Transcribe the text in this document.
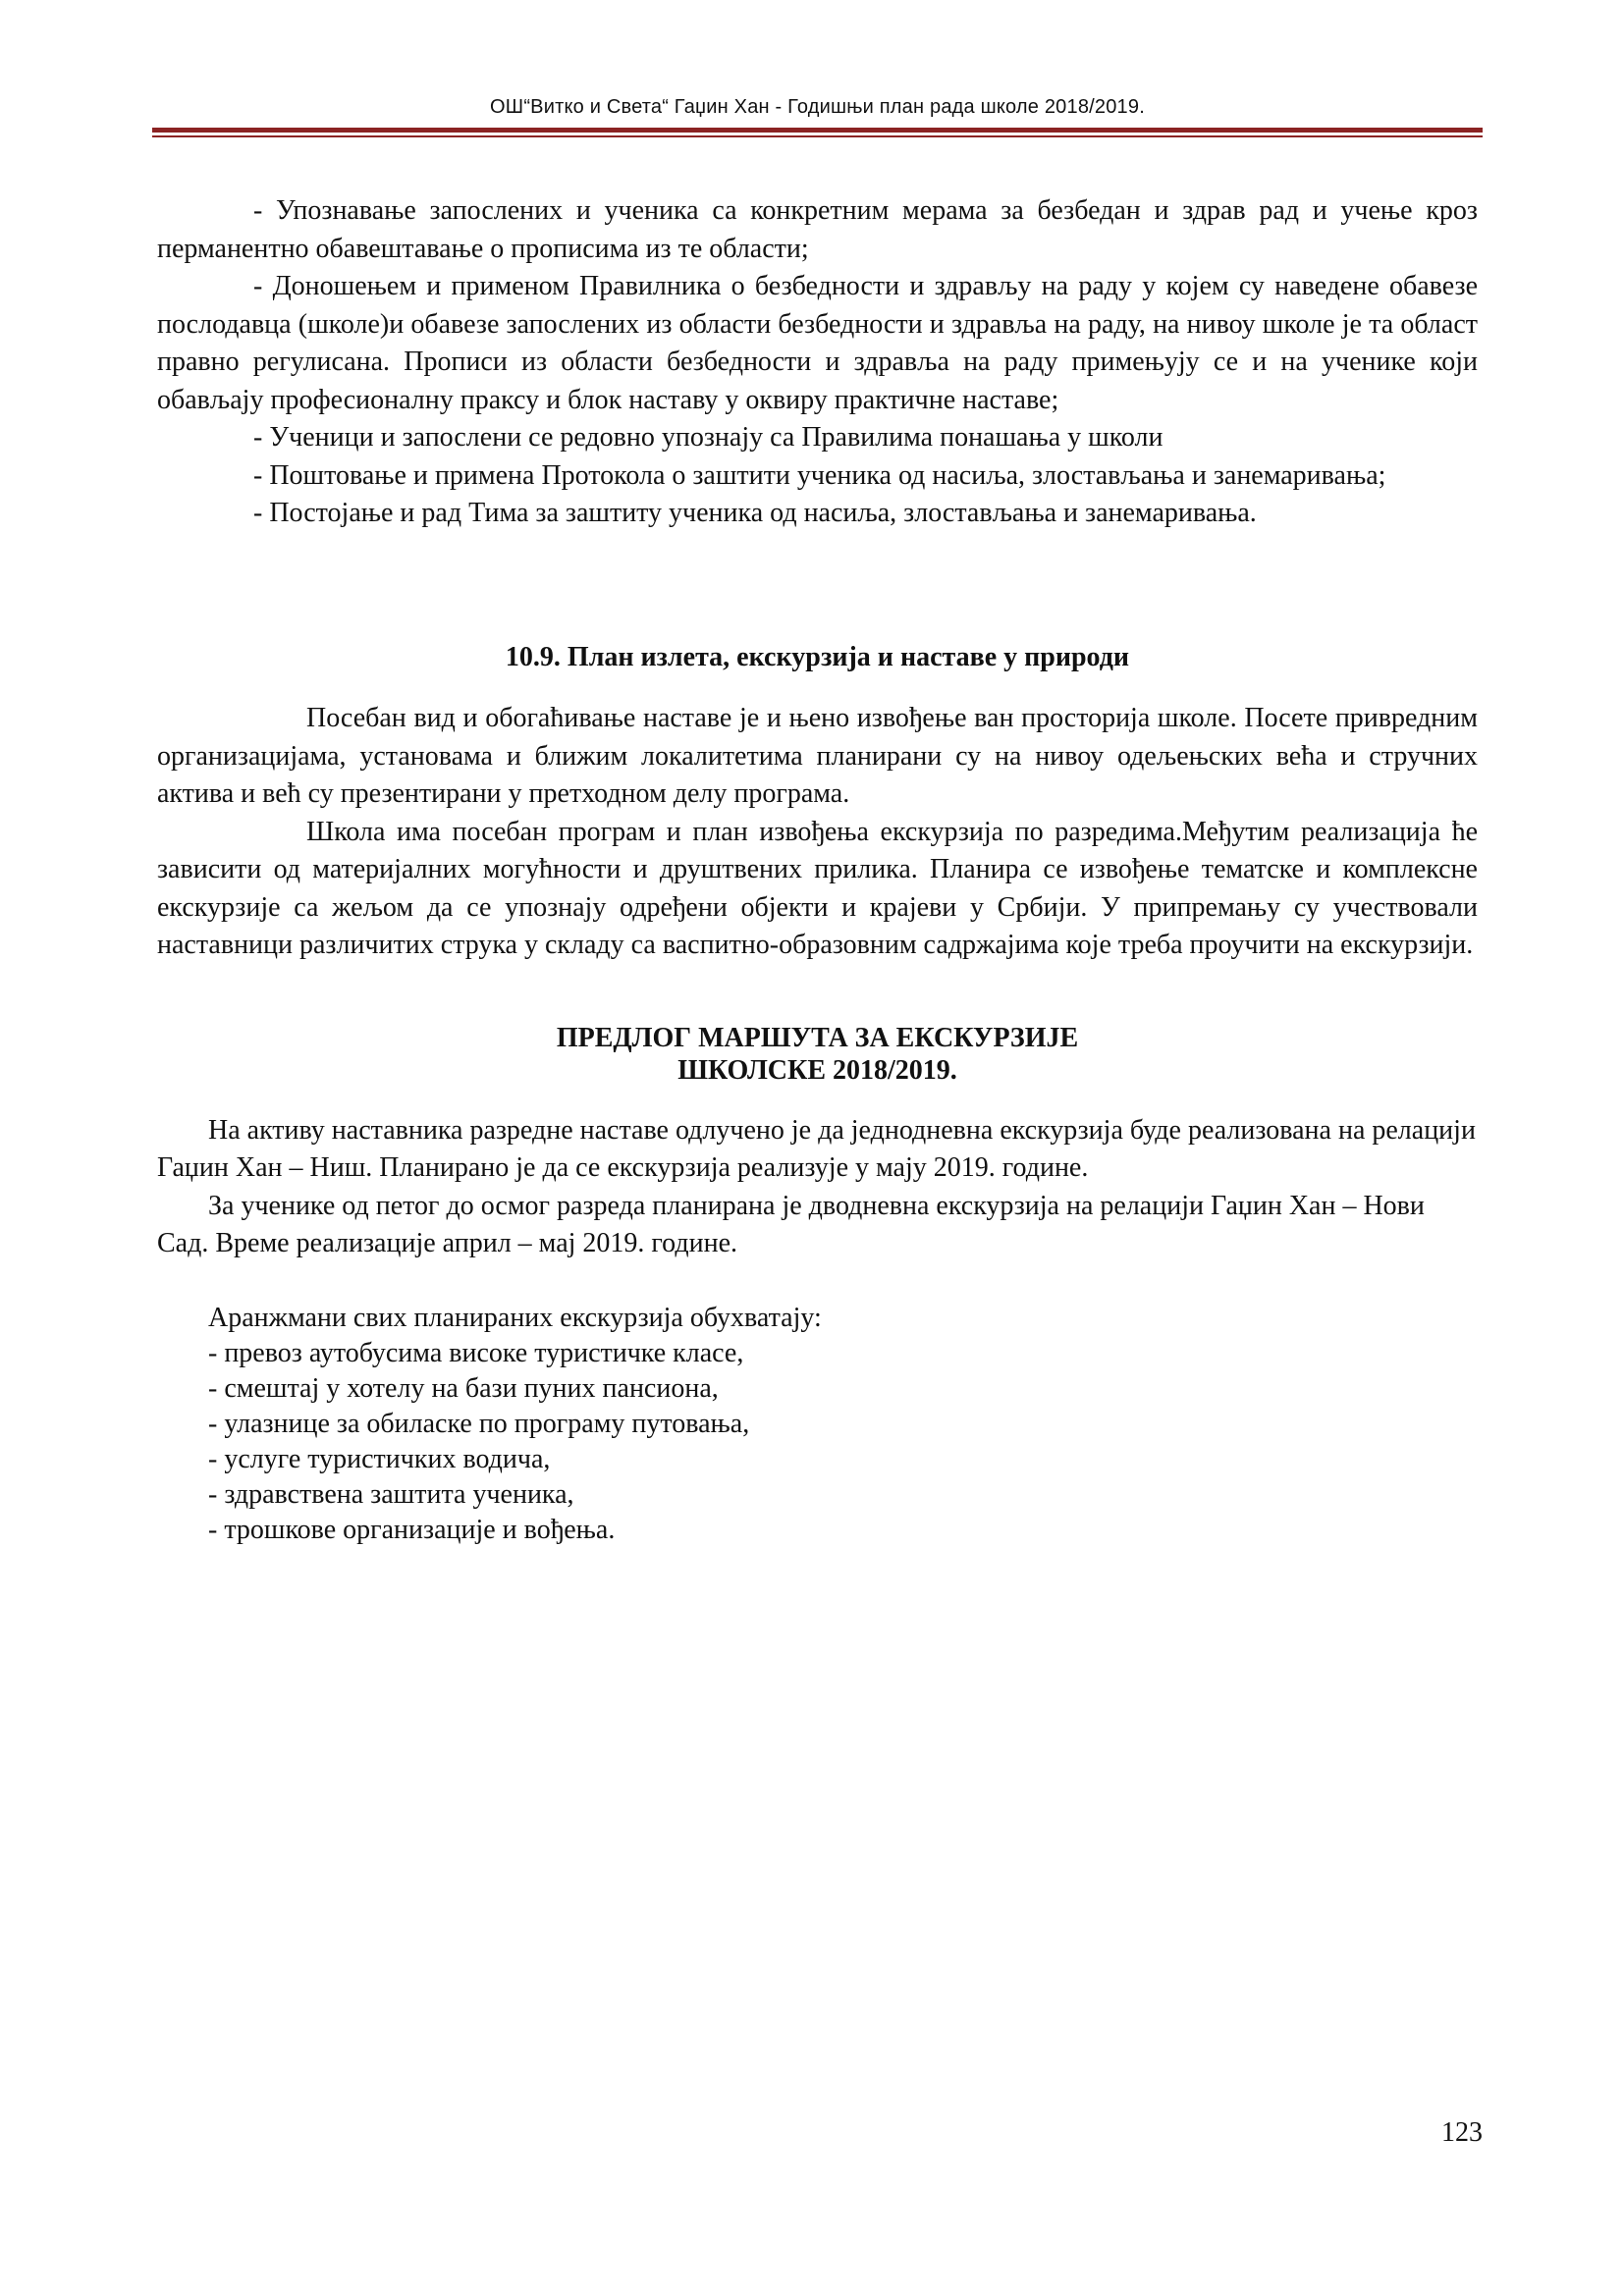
ОШ“Витко и Света“ Гаџин Хан - Годишњи план рада школе 2018/2019.

- Упознавање запослених и ученика са конкретним мерама за безбедан и здрав рад и учење кроз перманентно обавештавање о прописима из те области;

- Доношењем и применом Правилника о безбедности и здрављу на раду у којем су наведене обавезе послодавца (школе)и обавезе запослених из области безбедности и здравља на раду, на нивоу школе је та област правно регулисана. Прописи из области безбедности и здравља на раду примењују се и на ученике који обављају професионалну праксу и блок наставу у оквиру практичне наставе;

- Ученици и запослени се редовно упознају са Правилима понашања у школи

- Поштовање и примена Протокола о заштити ученика од насиља, злостављања и занемаривања;

- Постојање и рад Тима за заштиту ученика од насиља, злостављања и занемаривања.

10.9. План излета, екскурзија и наставе у природи

Посебан вид и обогаћивање наставе је и њено извођење ван просторија школе. Посете привредним организацијама, установама и ближим локалитетима планирани су на нивоу одељењских већа и стручних актива и већ су презентирани у претходном делу програма.

Школа има посебан програм и план извођења екскурзија по разредима.Међутим реализација ће зависити од материјалних могућности и друштвених прилика. Планира се извођење тематске и комплексне екскурзије са жељом да се упознају одређени објекти и крајеви у Србији. У припремању су учествовали наставници различитих струка у складу са васпитно-образовним садржајима које треба проучити на екскурзији.

ПРЕДЛОГ МАРШУТА ЗА ЕКСКУРЗИЈЕ
ШКОЛСКЕ 2018/2019.

На активу наставника разредне наставе одлучено је да једнодневна екскурзија буде реализована на релацији Гаџин Хан – Ниш. Планирано је да се екскурзија реализује у мају 2019. године.

За ученике од петог до осмог разреда планирана је дводневна екскурзија на релацији Гаџин Хан – Нови Сад. Време реализације април – мај 2019. године.

Аранжмани свих планираних екскурзија обухватају:
- превоз аутобусима високе туристичке класе,
- смештај у хотелу на бази пуних пансиона,
- улазнице за обиласке по програму путовања,
- услуге туристичких водича,
- здравствена заштита ученика,
- трошкове организације и вођења.
123
